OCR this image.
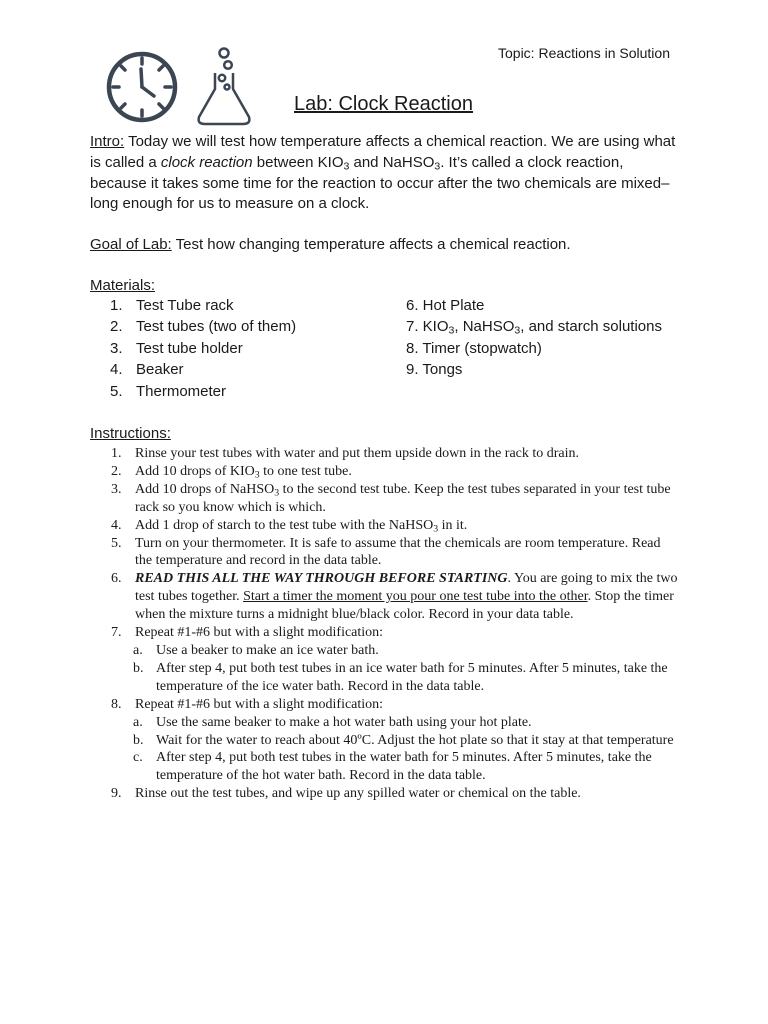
Topic: Reactions in Solution
Lab: Clock Reaction
Intro: Today we will test how temperature affects a chemical reaction. We are using what is called a clock reaction between $KIO_3$ and NaHSO$_3$. It’s called a clock reaction, because it takes some time for the reaction to occur after the two chemicals are mixed–long enough for us to measure on a clock.
Goal of Lab: Test how changing temperature affects a chemical reaction.
Materials:
1. Test Tube rack
2. Test tubes (two of them)
3. Test tube holder
4. Beaker
5. Thermometer
6. Hot Plate
7. $KIO_3$, NaHSO$_3$, and starch solutions
8. Timer (stopwatch)
9. Tongs
Instructions:
1. Rinse your test tubes with water and put them upside down in the rack to drain.
2. Add 10 drops of $KIO_3$ to one test tube.
3. Add 10 drops of NaHSO$_3$ to the second test tube. Keep the test tubes separated in your test tube rack so you know which is which.
4. Add 1 drop of starch to the test tube with the NaHSO$_3$ in it.
5. Turn on your thermometer. It is safe to assume that the chemicals are room temperature. Read the temperature and record in the data table.
6. READ THIS ALL THE WAY THROUGH BEFORE STARTING. You are going to mix the two test tubes together. Start a timer the moment you pour one test tube into the other. Stop the timer when the mixture turns a midnight blue/black color. Record in your data table.
7. Repeat #1-#6 but with a slight modification:
a. Use a beaker to make an ice water bath.
b. After step 4, put both test tubes in an ice water bath for 5 minutes. After 5 minutes, take the temperature of the ice water bath. Record in the data table.
8. Repeat #1-#6 but with a slight modification:
a. Use the same beaker to make a hot water bath using your hot plate.
b. Wait for the water to reach about 40ºC. Adjust the hot plate so that it stay at that temperature
c. After step 4, put both test tubes in the water bath for 5 minutes. After 5 minutes, take the temperature of the hot water bath. Record in the data table.
9. Rinse out the test tubes, and wipe up any spilled water or chemical on the table.
